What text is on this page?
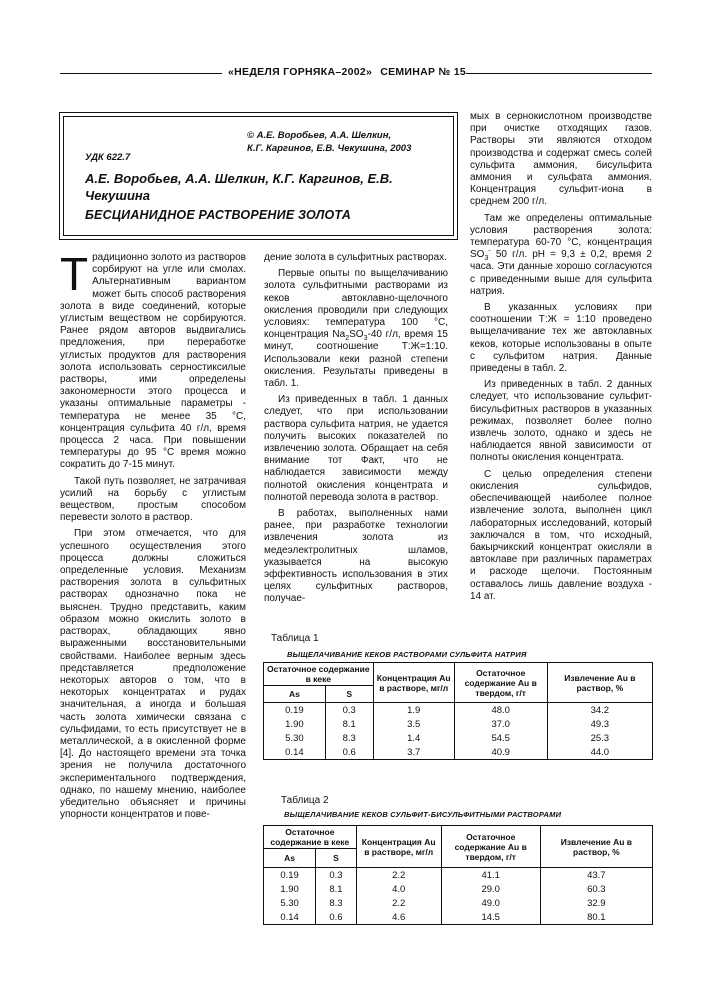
«НЕДЕЛЯ ГОРНЯКА–2002» СЕМИНАР № 15
© А.Е. Воробьев, А.А. Шелкин,
К.Г. Каргинов, Е.В. Чекушина, 2003
УДК 622.7
А.Е. Воробьев, А.А. Шелкин, К.Г. Каргинов, Е.В. Чекушина
БЕСЦИАНИДНОЕ РАСТВОРЕНИЕ ЗОЛОТА

Традиционно золото из растворов сорбируют на угле или смолах. Альтернативным вариантом может быть способ растворения золота в виде соединений, которые углистым веществом не сорбируются. Ранее рядом авторов выдвигались предложения, при переработке углистых продуктов для растворения золота использовать серностиксилые растворы, ими определены закономерности этого процесса и указаны оптимальные параметры - температура не менее 35 °С, концентрация сульфита 40 г/л, время процесса 2 часа. При повышении температуры до 95 °С время можно сократить до 7-15 минут.

Такой путь позволяет, не затрачивая усилий на борьбу с углистым веществом, простым способом перевести золото в раствор.

При этом отмечается, что для успешного осуществления этого процесса должны сложиться определенные условия. Механизм растворения золота в сульфитных растворах однозначно пока не выяснен. Трудно представить, каким образом можно окислить золото в растворах, обладающих явно выраженными восстановительными свойствами. Наиболее верным здесь представляется предположение некоторых авторов о том, что в некоторых концентратах и рудах значительная, а иногда и большая часть золота химически связана с сульфидами, то есть присутствует не в металлической, а в окисленной форме [4]. До настоящего времени эта точка зрения не получила достаточного экспериментального подтверждения, однако, по нашему мнению, наиболее убедительно объясняет и причины упорности концентратов и пове-

дение золота в сульфитных растворах.

Первые опыты по выщелачиванию золота сульфитными растворами из кеков автоклавно-щелочного окисления проводили при следующих условиях: температура 100 °С, концентрация $Na_2SO_3-40$ г/л, время 15 минут, соотношение Т:Ж=1:10. Использовали кеки разной степени окисления. Результаты приведены в табл. 1.

Из приведенных в табл. 1 данных следует, что при использовании раствора сульфита натрия, не удается получить высоких показателей по извлечению золота. Обращает на себя внимание тот Факт, что не наблюдается зависимости между полнотой окисления концентрата и полнотой перевода золота в раствор.

В работах, выполненных нами ранее, при разработке технологии извлечения золота из медеэлектролитных шламов, указывается на высокую эффективность использования в этих целях сульфитных растворов, получае-

мых в сернокислотном производстве при очистке отходящих газов. Растворы эти являются отходом производства и содержат смесь солей сульфита аммония, бисульфита аммония и сульфата аммония. Концентрация сульфит-иона в среднем 200 г/л.

Там же определены оптимальные условия растворения золота: температура 60-70 °С, концентрация $SO_3^-$ 50 г/л. pH = 9,3 ± 0,2, время 2 часа. Эти данные хорошо согласуются с приведенными выше для сульфита натрия.

В указанных условиях при соотношении Т:Ж = 1:10 проведено выщелачивание тех же автоклавных кеков, которые использованы в опыте с сульфитом натрия. Данные приведены в табл. 2.

Из приведенных в табл. 2 данных следует, что использование сульфит-бисульфитных растворов в указанных режимах, позволяет более полно извлечь золото, однако и здесь не наблюдается явной зависимости от полноты окисления концентрата.

С целью определения степени окисления сульфидов, обеспечивающей наиболее полное извлечение золота, выполнен цикл лабораторных исследований, который заключался в том, что исходный, бакырчикский концентрат окисляли в автоклаве при различных параметрах и расходе щелочи. Постоянным оставалось лишь давление воздуха - 14 ат.

Таблица 1
ВЫЩЕЛАЧИВАНИЕ КЕКОВ РАСТВОРАМИ СУЛЬФИТА НАТРИЯ
Остаточное содержание в кеке		Концентрация Au в растворе, мг/л	Остаточное содержание Au в твердом, г/т	Извлечение Au в раствор, %
As	S			
0.19	0.3	1.9	48.0	34.2
1.90	8.1	3.5	37.0	49.3
5.30	8.3	1.4	54.5	25.3
0.14	0.6	3.7	40.9	44.0
Таблица 2
ВЫЩЕЛАЧИВАНИЕ КЕКОВ СУЛЬФИТ-БИСУЛЬФИТНЫМИ РАСТВОРАМИ
Остаточное содержание в кеке		Концентрация Au в растворе, мг/л	Остаточное содержание Au в твердом, г/т	Извлечение Au в раствор, %
As	S			
0.19	0.3	2.2	41.1	43.7
1.90	8.1	4.0	29.0	60.3
5.30	8.3	2.2	49.0	32.9
0.14	0.6	4.6	14.5	80.1
